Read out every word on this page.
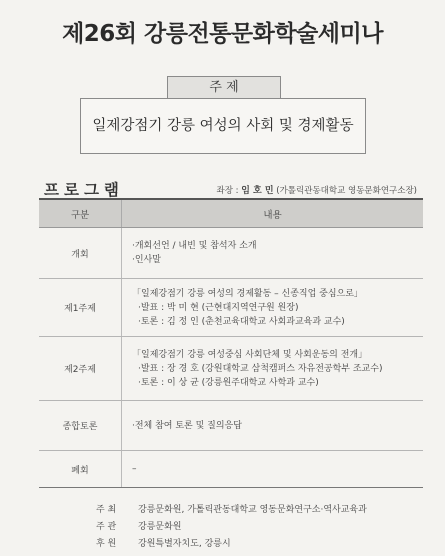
제26회 강릉전통문화학술세미나
주 제
일제강점기 강릉 여성의 사회 및 경제활동
프로그램	좌장 : 임 호 민 (가톨릭관동대학교 영동문화연구소장)
구분	내용
개회	·개회선언 / 내빈 및 참석자 소개
·인사말

제1주제	「일제강점기 강릉 여성의 경제활동 – 신종직업 중심으로」
·발표 : 박 미 현 (근현대지역연구원 원장)
·토론 : 김 정 인 (춘천교육대학교 사회과교육과 교수)

제2주제	「일제강점기 강릉 여성중심 사회단체 및 사회운동의 전개」
·발표 : 장 경 호 (강원대학교 삼척캠퍼스 자유전공학부 조교수)
·토론 : 이 상 균 (강릉원주대학교 사학과 교수)

종합토론	·전체 참여 토론 및 질의응답

폐회	–
주 최	강릉문화원, 가톨릭관동대학교 영동문화연구소·역사교육과
주 관	강릉문화원
후 원	강원특별자치도, 강릉시
